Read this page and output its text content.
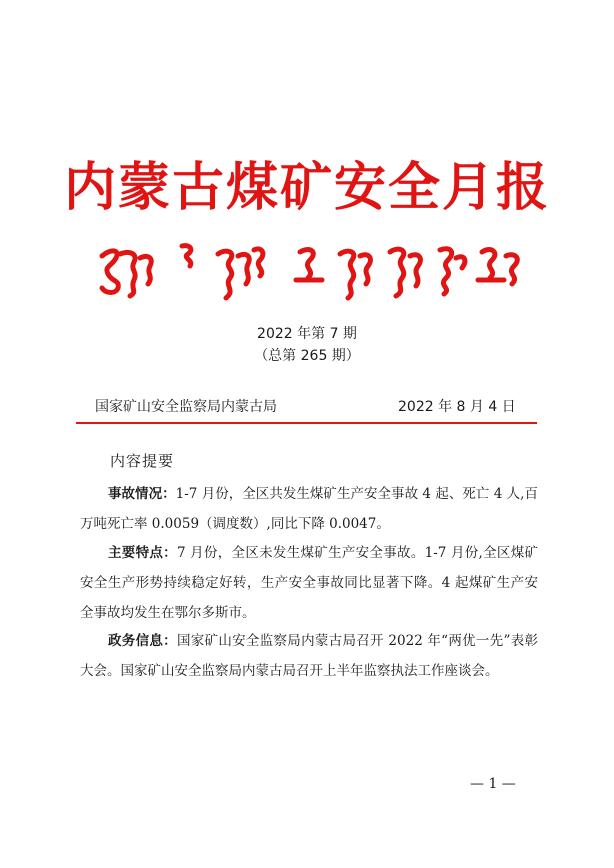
内蒙古煤矿安全月报
2022 年第 7 期
（总第 265 期）
国家矿山安全监察局内蒙古局	2022 年 8 月 4 日
内容提要
事故情况：1-7 月份，全区共发生煤矿生产安全事故 4 起、死亡 4 人,百万吨死亡率 0.0059（调度数）,同比下降 0.0047。
主要特点：7 月份，全区未发生煤矿生产安全事故。1-7 月份,全区煤矿安全生产形势持续稳定好转，生产安全事故同比显著下降。4 起煤矿生产安全事故均发生在鄂尔多斯市。
政务信息：国家矿山安全监察局内蒙古局召开 2022 年“两优一先”表彰大会。国家矿山安全监察局内蒙古局召开上半年监察执法工作座谈会。
— 1 —
